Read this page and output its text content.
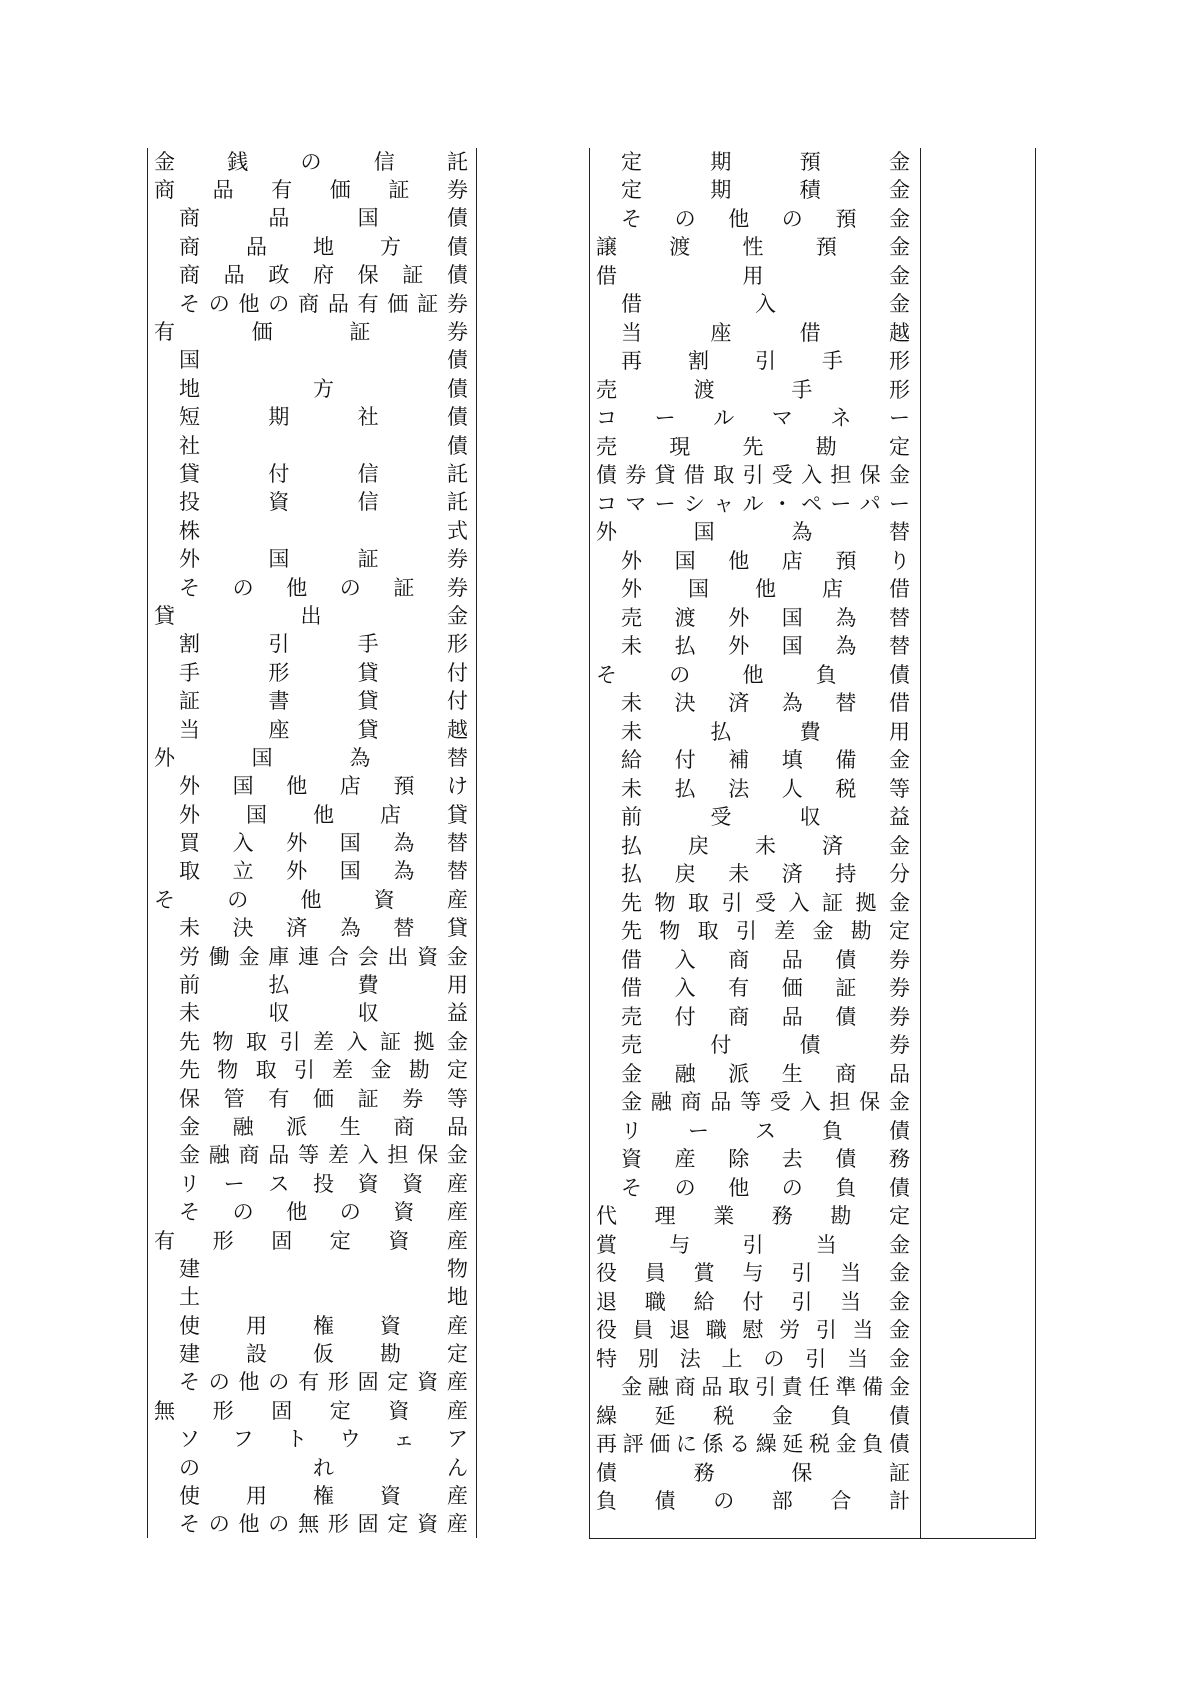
金 銭 の 信 託
商 品 有 価 証 券
商	品	国	債
商 品 地 方 債
商 品 政 府 保 証 債
そ の 他 の 商 品 有 価 証 券
有	価	証	券
国	債
地	方	債
短	期	社	債
社	債
貸	付	信	託
投	資	信	託
株	式
外	国	証	券
そ の 他 の 証 券
貸	出	金
割	引	手	形
手	形	貸	付
証	書	貸	付
当	座	貸	越
外	国	為	替
外 国 他 店 預 け
外 国 他 店 貸
買 入 外 国 為 替
取 立 外 国 為 替
そ の 他 資 産
未 決 済 為 替 貸
労 働 金 庫 連 合 会 出 資 金
前	払	費	用
未	収	収	益
先 物 取 引 差 入 証 拠 金
先 物 取 引 差 金 勘 定
保 管 有 価 証 券 等
金 融 派 生 商 品
金 融 商 品 等 差 入 担 保 金
リ ー ス 投 資 資 産
そ の 他 の 資 産
有 形 固 定 資 産
建	物
土	地
使 用 権 資 産
建 設 仮 勘 定
そ の 他 の 有 形 固 定 資 産
無 形 固 定 資 産
ソ フ ト ウ ェ ア
の	れ	ん
使 用 権 資 産
そ の 他 の 無 形 固 定 資 産
定	期	預	金
定	期	積	金
そ の 他 の 預 金
譲 渡 性 預 金
借	用	金
借	入	金
当	座	借	越
再 割 引 手 形
売	渡	手	形
コ ー ル マ ネ ー
売 現 先 勘 定
債 券 貸 借 取 引 受 入 担 保 金
コ マ ー シ ャ ル ・ ペ ー パ ー
外	国	為	替
外 国 他 店 預 り
外 国 他 店 借
売 渡 外 国 為 替
未 払 外 国 為 替
そ の 他 負 債
未 決 済 為 替 借
未	払	費	用
給 付 補 填 備 金
未 払 法 人 税 等
前	受	収	益
払 戻 未 済 金
払 戻 未 済 持 分
先 物 取 引 受 入 証 拠 金
先 物 取 引 差 金 勘 定
借 入 商 品 債 券
借 入 有 価 証 券
売 付 商 品 債 券
売	付	債	券
金 融 派 生 商 品
金 融 商 品 等 受 入 担 保 金
リ ー ス 負 債
資 産 除 去 債 務
そ の 他 の 負 債
代 理 業 務 勘 定
賞 与 引 当 金
役 員 賞 与 引 当 金
退 職 給 付 引 当 金
役 員 退 職 慰 労 引 当 金
特 別 法 上 の 引 当 金
金 融 商 品 取 引 責 任 準 備 金
繰 延 税 金 負 債
再 評 価 に 係 る 繰 延 税 金 負 債
債	務	保	証
負 債 の 部 合 計
